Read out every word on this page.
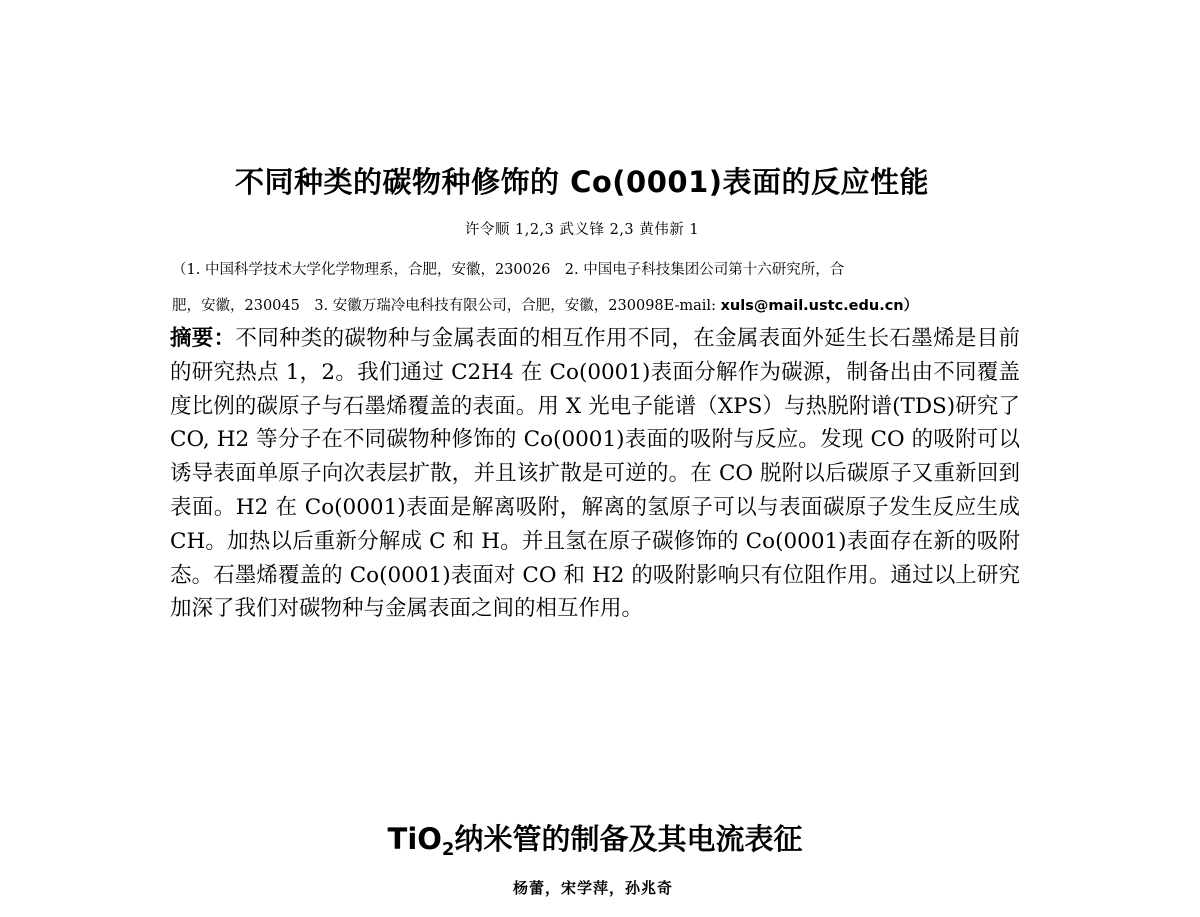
不同种类的碳物种修饰的 Co(0001)表面的反应性能
许令顺 1,2,3 武义锋 2,3 黄伟新 1
（1. 中国科学技术大学化学物理系，合肥，安徽，230026　2. 中国电子科技集团公司第十六研究所，合
肥，安徽，230045　3. 安徽万瑞冷电科技有限公司，合肥，安徽，230098E-mail: xuls@mail.ustc.edu.cn）
摘要：不同种类的碳物种与金属表面的相互作用不同，在金属表面外延生长石墨烯是目前的研究热点 1，2。我们通过 C2H4 在 Co(0001)表面分解作为碳源，制备出由不同覆盖度比例的碳原子与石墨烯覆盖的表面。用 X 光电子能谱（XPS）与热脱附谱(TDS)研究了 CO, H2 等分子在不同碳物种修饰的 Co(0001)表面的吸附与反应。发现 CO 的吸附可以诱导表面单原子向次表层扩散，并且该扩散是可逆的。在 CO 脱附以后碳原子又重新回到表面。H2 在 Co(0001)表面是解离吸附，解离的氢原子可以与表面碳原子发生反应生成 CH。加热以后重新分解成 C 和 H。并且氢在原子碳修饰的 Co(0001)表面存在新的吸附态。石墨烯覆盖的 Co(0001)表面对 CO 和 H2 的吸附影响只有位阻作用。通过以上研究加深了我们对碳物种与金属表面之间的相互作用。
TiO$_2$纳米管的制备及其电流表征
杨蕾，宋学萍，孙兆奇
